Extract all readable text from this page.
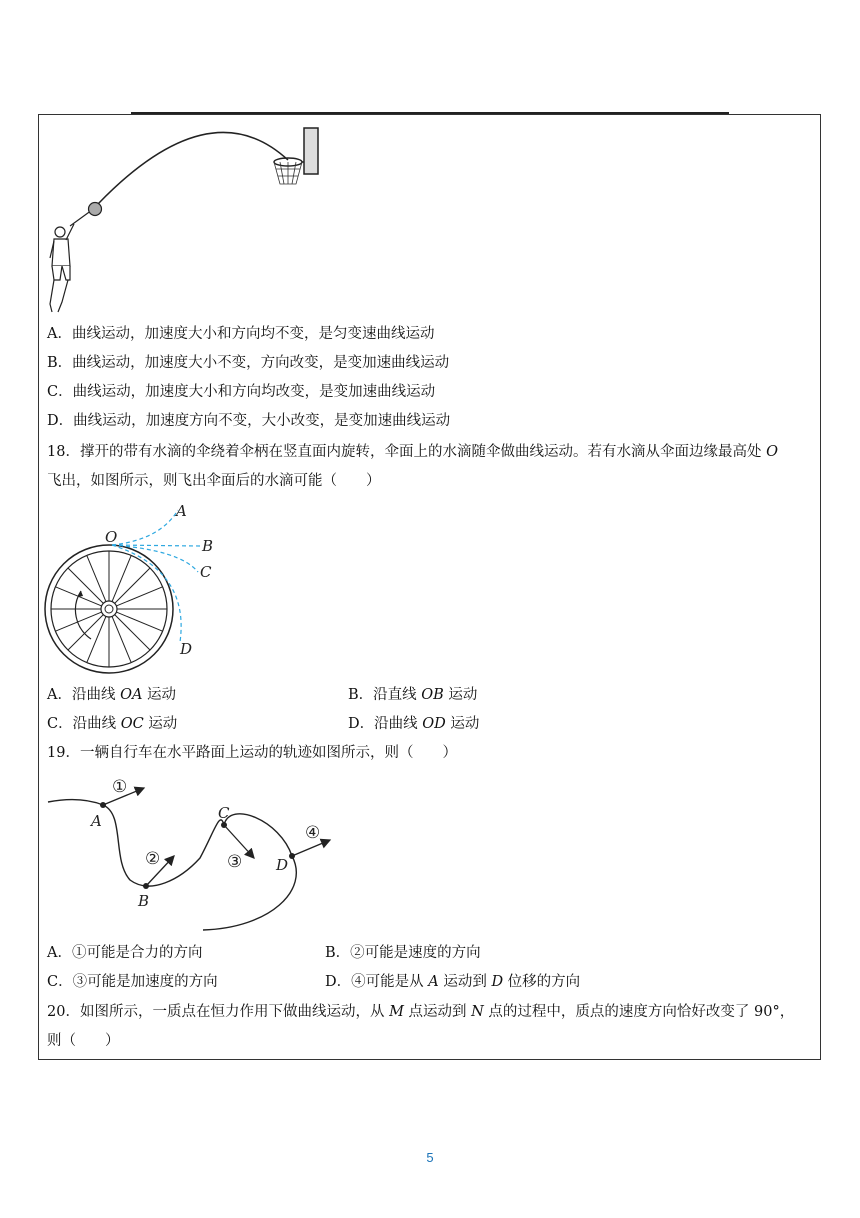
A．曲线运动，加速度大小和方向均不变，是匀变速曲线运动
B．曲线运动，加速度大小不变，方向改变，是变加速曲线运动
C．曲线运动，加速度大小和方向均改变，是变加速曲线运动
D．曲线运动，加速度方向不变，大小改变，是变加速曲线运动
18．撑开的带有水滴的伞绕着伞柄在竖直面内旋转，伞面上的水滴随伞做曲线运动。若有水滴从伞面边缘最高处 O
飞出，如图所示，则飞出伞面后的水滴可能（　　）
O
A
B
C
D
A．沿曲线 OA 运动	B．沿直线 OB 运动
C．沿曲线 OC 运动	D．沿曲线 OD 运动
19．一辆自行车在水平路面上运动的轨迹如图所示，则（　　）
A
B
C
D
①
②	③
④
A．①可能是合力的方向	B．②可能是速度的方向
C．③可能是加速度的方向	D．④可能是从 A 运动到 D 位移的方向
20．如图所示，一质点在恒力作用下做曲线运动，从 M 点运动到 N 点的过程中，质点的速度方向恰好改变了 90°，
则（　　）
5
